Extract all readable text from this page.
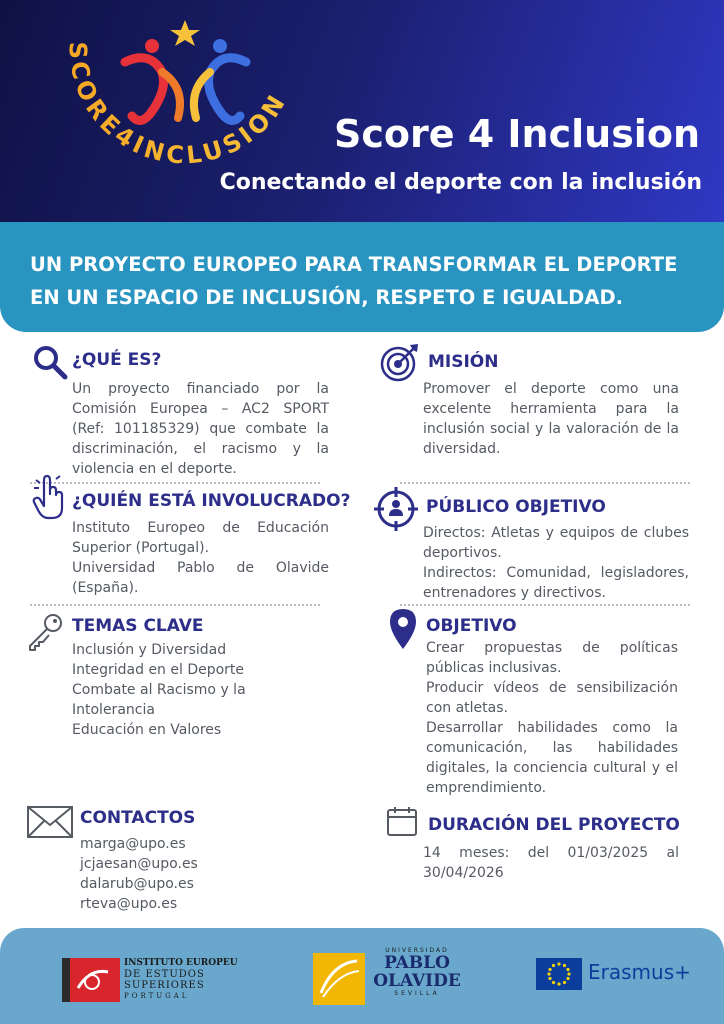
SCORE4INCLUSION
Score 4 Inclusion
Conectando el deporte con la inclusión
UN PROYECTO EUROPEO PARA TRANSFORMAR EL DEPORTE
EN UN ESPACIO DE INCLUSIÓN, RESPETO E IGUALDAD.
¿QUÉ ES?
Un proyecto financiado por la Comisión Europea – AC2 SPORT (Ref: 101185329) que combate la discriminación, el racismo y la violencia en el deporte.
MISIÓN
Promover el deporte como una excelente herramienta para la inclusión social y la valoración de la diversidad.
¿QUIÉN ESTÁ INVOLUCRADO?
Instituto Europeo de Educación Superior (Portugal).
Universidad Pablo de Olavide (España).
PÚBLICO OBJETIVO
Directos: Atletas y equipos de clubes deportivos.
Indirectos: Comunidad, legisladores, entrenadores y directivos.
TEMAS CLAVE
Inclusión y Diversidad
Integridad en el Deporte
Combate al Racismo y la
Intolerancia
Educación en Valores
OBJETIVO
Crear propuestas de políticas públicas inclusivas.
Producir vídeos de sensibilización con atletas.
Desarrollar habilidades como la comunicación, las habilidades digitales, la conciencia cultural y el emprendimiento.
CONTACTOS
marga@upo.es
jcjaesan@upo.es
dalarub@upo.es
rteva@upo.es
DURACIÓN DEL PROYECTO
14 meses: del 01/03/2025 al 30/04/2026
INSTITUTO EUROPEU
DE ESTUDOS
SUPERIORES
PORTUGAL
UNIVERSIDAD
PABLO
OLAVIDE
SEVILLA
Erasmus+
